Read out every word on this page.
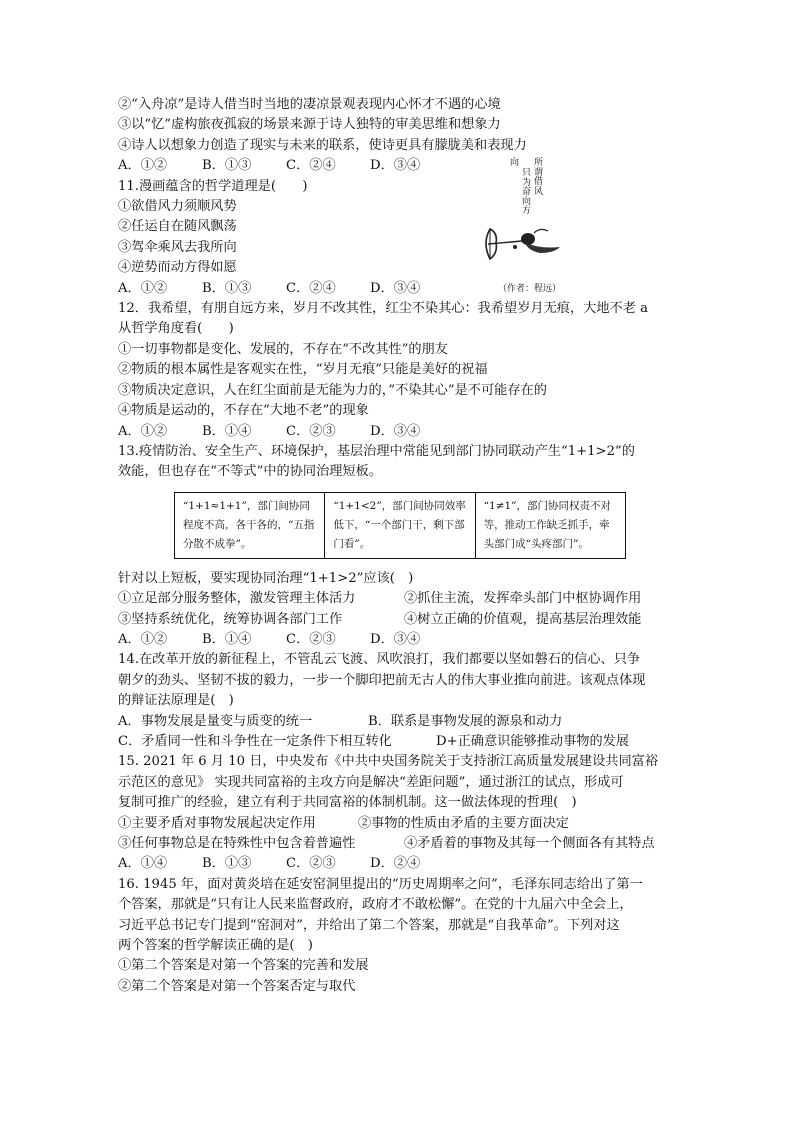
②“入舟凉”是诗人借当时当地的凄凉景观表现内心怀才不遇的心境
③以“忆”虚构旅夜孤寂的场景来源于诗人独特的审美思维和想象力
④诗人以想象力创造了现实与未来的联系，使诗更具有朦胧美和表现力
A．①②	B．①③	C．②④	D．③④
11.漫画蕴含的哲学道理是(　　)
①欲借风力须顺风势
②任运自在随风飘荡
③驾伞乘风去我所向
④逆势而动方得如愿
A．①②	B．①③	C．②④	D．③④
12．我希望，有朋自远方来，岁月不改其性，红尘不染其心：我希望岁月无痕，大地不老 a
从哲学角度看(　　)
①一切事物都是变化、发展的，不存在“不改其性”的朋友
②物质的根本属性是客观实在性，“岁月无痕”只能是美好的祝福
③物质决定意识，人在红尘面前是无能为力的，”不染其心”是不可能存在的
④物质是运动的，不存在“大地不老”的现象
A．①②	B．①④	C．②③	D．③④
13.疫情防治、安全生产、环境保护，基层治理中常能见到部门协同联动产生“1+1>2”的
效能，但也存在“不等式”中的协同治理短板。
“1+1≈1+1”，部门间协同程度不高，各干各的，“五指分散不成拳”。	“1+1<2”，部门间协同效率低下，“一个部门干，剩下部门看”。	“1≠1”，部门协同权责不对等，推动工作缺乏抓手，牵头部门成“头疼部门”。
针对以上短板，要实现协同治理“1+1>2”应该(　)
①立足部分服务整体，激发管理主体活力	②抓住主流，发挥牵头部门中枢协调作用
③坚持系统优化，统筹协调各部门工作	④树立正确的价值观，提高基层治理效能
A．①②	B．①④	C．②③	D．③④
14.在改革开放的新征程上，不管乱云飞渡、风吹浪打，我们都要以坚如磐石的信心、只争
朝夕的劲头、坚韧不拔的毅力，一步一个脚印把前无古人的伟大事业推向前进。该观点体现
的辩证法原理是(　)
A．事物发展是量变与质变的统一	B．联系是事物发展的源泉和动力
C．矛盾同一性和斗争性在一定条件下相互转化	D+正确意识能够推动事物的发展
15. 2021 年 6 月 10 日，中央发布《中共中央国务院关于支持浙江高质量发展建设共同富裕
示范区的意见》 实现共同富裕的主攻方向是解决“差距问题”，通过浙江的试点，形成可
复制可推广的经验，建立有利于共同富裕的体制机制。这一做法体现的哲理(　)
①主要矛盾对事物发展起决定作用	②事物的性质由矛盾的主要方面决定
③任何事物总是在特殊性中包含着普遍性	④矛盾着的事物及其每一个侧面各有其特点
A．①④	B．①③	C．②③	D．②④
16. 1945 年，面对黄炎培在延安窑洞里提出的“历史周期率之问”，毛泽东同志给出了第一
个答案，那就是“只有让人民来监督政府，政府才不敢松懈”。在党的十九届六中全会上，
习近平总书记专门提到“窑洞对”，并给出了第二个答案，那就是“自我革命”。下列对这
两个答案的哲学解读正确的是(　)
①第二个答案是对第一个答案的完善和发展
②第二个答案是对第一个答案否定与取代
所
谓
借
风
只
为
奋
向
方
向
（作者：程远）
